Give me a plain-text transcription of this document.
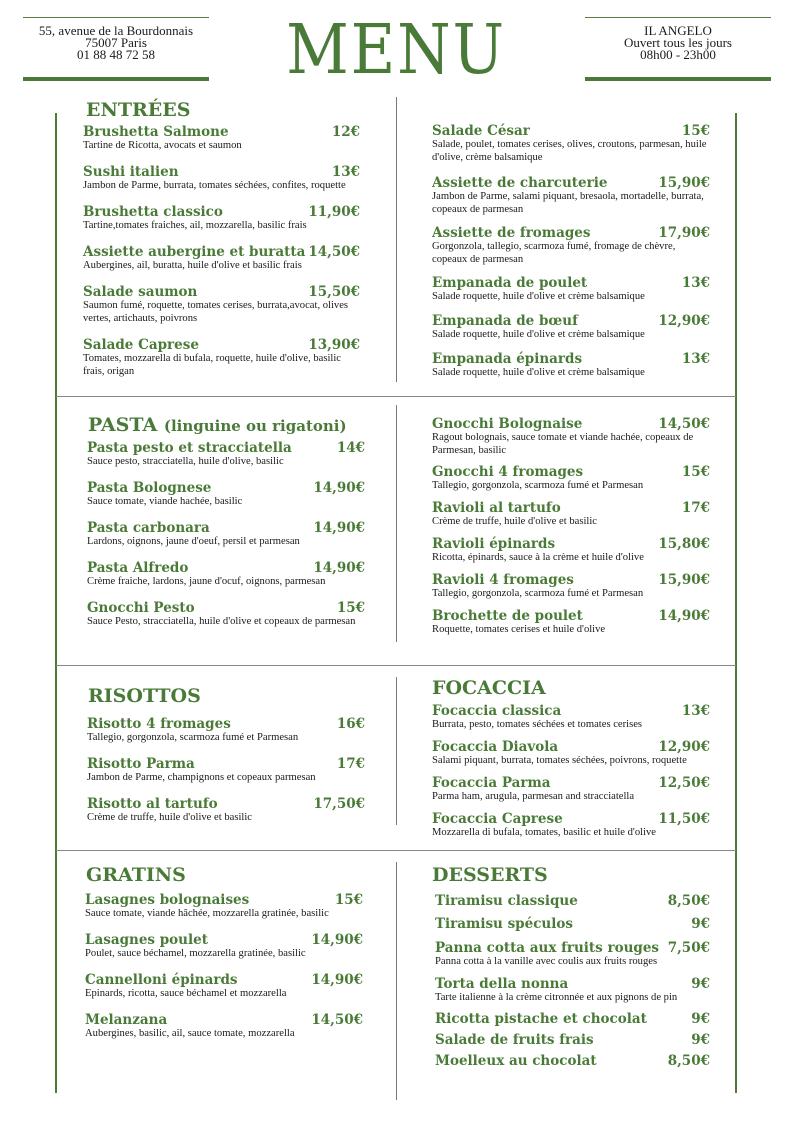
55, avenue de la Bourdonnais
75007 Paris
01 88 48 72 58	MENU	IL ANGELO
Ouvert tous les jours
08h00 - 23h00
ENTRÉES
PASTA (linguine ou rigatoni)
RISOTTOS	FOCACCIA
GRATINS	DESSERTS
Brushetta Salmone	12€
Tartine de Ricotta, avocats et saumon
Sushi italien	13€
Jambon de Parme, burrata, tomates séchées, confites, roquette
Brushetta classico	11,90€
Tartine,tomates fraiches, ail, mozzarella, basilic frais
Assiette aubergine et buratta 14,50€
Aubergines, ail, buratta, huile d'olive et basilic frais
Salade saumon	15,50€
Saumon fumé, roquette, tomates cerises, burrata,avocat, olives vertes, artichauts, poivrons
Salade Caprese	13,90€
Tomates, mozzarella di bufala, roquette, huile d'olive, basilic frais, origan
Salade César	15€
Salade, poulet, tomates cerises, olives, croutons, parmesan, huile d'olive, crème balsamique
Assiette de charcuterie	15,90€
Jambon de Parme, salami piquant, bresaola, mortadelle, burrata, copeaux de parmesan
Assiette de fromages	17,90€
Gorgonzola, tallegio, scarmoza fumé, fromage de chèvre, copeaux de parmesan
Empanada de poulet	13€
Salade roquette, huile d'olive et crème balsamique
Empanada de bœuf	12,90€
Salade roquette, huile d'olive et crème balsamique
Empanada épinards	13€
Salade roquette, huile d'olive et crème balsamique
Pasta pesto et stracciatella	14€
Sauce pesto, stracciatella, huile d'olive, basilic
Pasta Bolognese	14,90€
Sauce tomate, viande hachée, basilic
Pasta carbonara	14,90€
Lardons, oignons, jaune d'oeuf, persil et parmesan
Pasta Alfredo	14,90€
Crème fraiche, lardons, jaune d'ocuf, oignons, parmesan
Gnocchi Pesto	15€
Sauce Pesto, stracciatella, huile d'olive et copeaux de parmesan
Gnocchi Bolognaise	14,50€
Ragout bolognais, sauce tomate et viande hachée, copeaux de Parmesan, basilic
Gnocchi 4 fromages	15€
Tallegio, gorgonzola, scarmoza fumé et Parmesan
Ravioli al tartufo	17€
Crème de truffe, huile d'olive et basilic
Ravioli épinards	15,80€
Ricotta, épinards, sauce à la crème et huile d'olive
Ravioli 4 fromages	15,90€
Tallegio, gorgonzola, scarmoza fumé et Parmesan
Brochette de poulet	14,90€
Roquette, tomates cerises et huile d'olive
Risotto 4 fromages	16€
Tallegio, gorgonzola, scarmoza fumé et Parmesan
Risotto Parma	17€
Jambon de Parme, champignons et copeaux parmesan
Risotto al tartufo	17,50€
Crème de truffe, huile d'olive et basilic
Focaccia classica	13€
Burrata, pesto, tomates séchées et tomates cerises
Focaccia Diavola	12,90€
Salami piquant, burrata, tomates séchées, poivrons, roquette
Focaccia Parma	12,50€
Parma ham, arugula, parmesan and stracciatella
Focaccia Caprese	11,50€
Mozzarella di bufala, tomates, basilic et huile d'olive
Lasagnes bolognaises	15€
Sauce tomate, viande hâchée, mozzarella gratinée, basilic
Lasagnes poulet	14,90€
Poulet, sauce béchamel, mozzarella gratinée, basilic
Cannelloni épinards	14,90€
Epinards, ricotta, sauce béchamel et mozzarella
Melanzana	14,50€
Aubergines, basilic, ail, sauce tomate, mozzarella
Tiramisu classique	8,50€
Tiramisu spéculos	9€
Panna cotta aux fruits rouges 7,50€
Panna cotta à la vanille avec coulis aux fruits rouges
Torta della nonna	9€
Tarte italienne à la crème citronnée et aux pignons de pin
Ricotta pistache et chocolat	9€
Salade de fruits frais	9€
Moelleux au chocolat	8,50€
